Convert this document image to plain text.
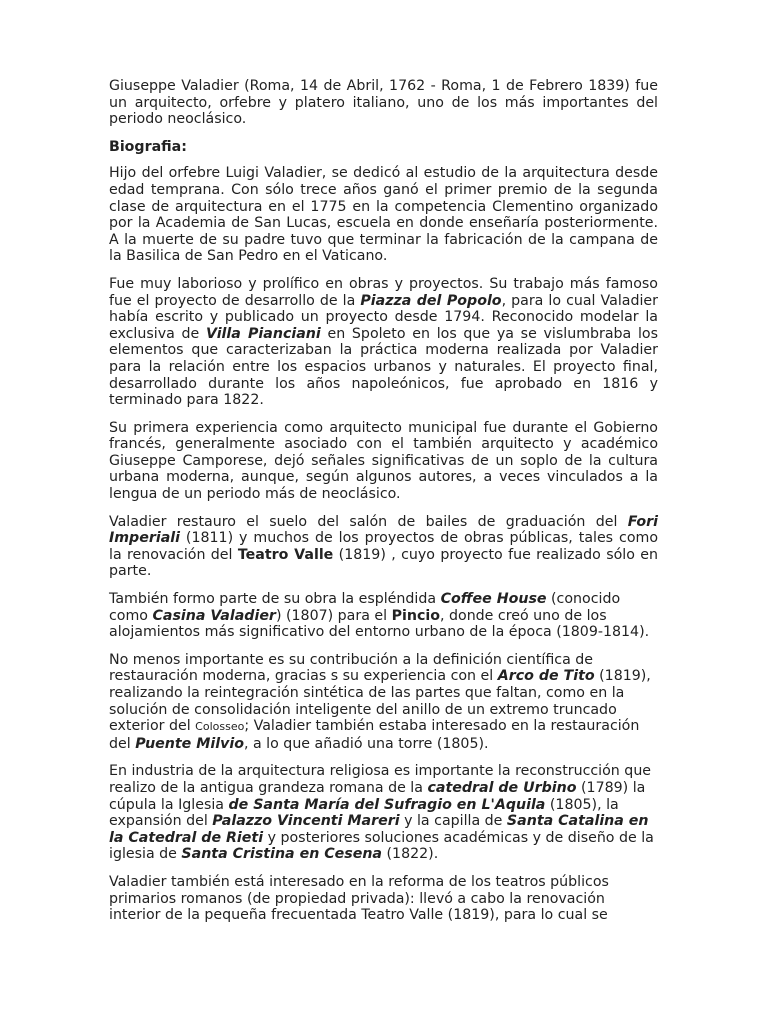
Giuseppe Valadier (Roma, 14 de Abril, 1762 - Roma, 1 de Febrero 1839) fue un arquitecto, orfebre y platero italiano, uno de los más importantes del periodo neoclásico.

Biografia:

Hijo del orfebre Luigi Valadier, se dedicó al estudio de la arquitectura desde edad temprana. Con sólo trece años ganó el primer premio de la segunda clase de arquitectura en el 1775 en la competencia Clementino organizado por la Academia de San Lucas, escuela en donde enseñaría posteriormente. A la muerte de su padre tuvo que terminar la fabricación de la campana de la Basilica de San Pedro en el Vaticano.

Fue muy laborioso y prolífico en obras y proyectos. Su trabajo más famoso fue el proyecto de desarrollo de la Piazza del Popolo, para lo cual Valadier había escrito y publicado un proyecto desde 1794. Reconocido modelar la exclusiva de Villa Pianciani en Spoleto en los que ya se vislumbraba los elementos que caracterizaban la práctica moderna realizada por Valadier para la relación entre los espacios urbanos y naturales. El proyecto final, desarrollado durante los años napoleónicos, fue aprobado en 1816 y terminado para 1822.

Su primera experiencia como arquitecto municipal fue durante el Gobierno francés, generalmente asociado con el también arquitecto y académico Giuseppe Camporese, dejó señales significativas de un soplo de la cultura urbana moderna, aunque, según algunos autores, a veces vinculados a la lengua de un periodo más de neoclásico.

Valadier restauro el suelo del salón de bailes de graduación del Fori Imperiali (1811) y muchos de los proyectos de obras públicas, tales como la renovación del Teatro Valle (1819) , cuyo proyecto fue realizado sólo en parte.

También formo parte de su obra la espléndida Coffee House (conocido como Casina Valadier) (1807) para el Pincio, donde creó uno de los alojamientos más significativo del entorno urbano de la época (1809-1814).

No menos importante es su contribución a la definición científica de restauración moderna, gracias s su experiencia con el Arco de Tito (1819), realizando la reintegración sintética de las partes que faltan, como en la solución de consolidación inteligente del anillo de un extremo truncado exterior del Colosseo; Valadier también estaba interesado en la restauración del Puente Milvio, a lo que añadió una torre (1805).

En industria de la arquitectura religiosa es importante la reconstrucción que realizo de la antigua grandeza romana de la catedral de Urbino (1789) la cúpula la Iglesia de Santa María del Sufragio en L'Aquila (1805), la expansión del Palazzo Vincenti Mareri y la capilla de Santa Catalina en la Catedral de Rieti y posteriores soluciones académicas y de diseño de la iglesia de Santa Cristina en Cesena (1822).

Valadier también está interesado en la reforma de los teatros públicos primarios romanos (de propiedad privada): llevó a cabo la renovación interior de la pequeña frecuentada Teatro Valle (1819), para lo cual se
